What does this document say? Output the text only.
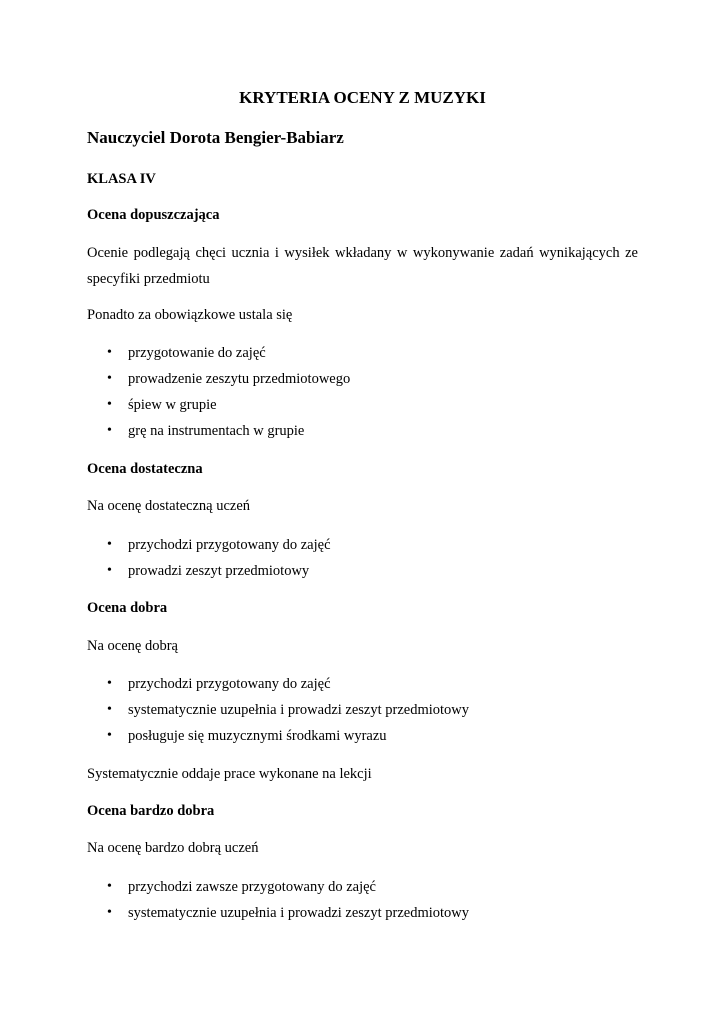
KRYTERIA OCENY Z MUZYKI
Nauczyciel Dorota Bengier-Babiarz
KLASA IV
Ocena dopuszczająca
Ocenie podlegają chęci ucznia i wysiłek wkładany w wykonywanie zadań wynikających ze
specyfiki przedmiotu
Ponadto za obowiązkowe ustala się
• przygotowanie do zajęć
• prowadzenie zeszytu przedmiotowego
• śpiew w grupie
• grę na instrumentach w grupie
Ocena dostateczna
Na ocenę dostateczną uczeń
• przychodzi przygotowany do zajęć
• prowadzi zeszyt przedmiotowy
Ocena dobra
Na ocenę dobrą
• przychodzi przygotowany do zajęć
• systematycznie uzupełnia i prowadzi zeszyt przedmiotowy
• posługuje się muzycznymi środkami wyrazu
Systematycznie oddaje prace wykonane na lekcji
Ocena bardzo dobra
Na ocenę bardzo dobrą uczeń
• przychodzi zawsze przygotowany do zajęć
• systematycznie uzupełnia i prowadzi zeszyt przedmiotowy
